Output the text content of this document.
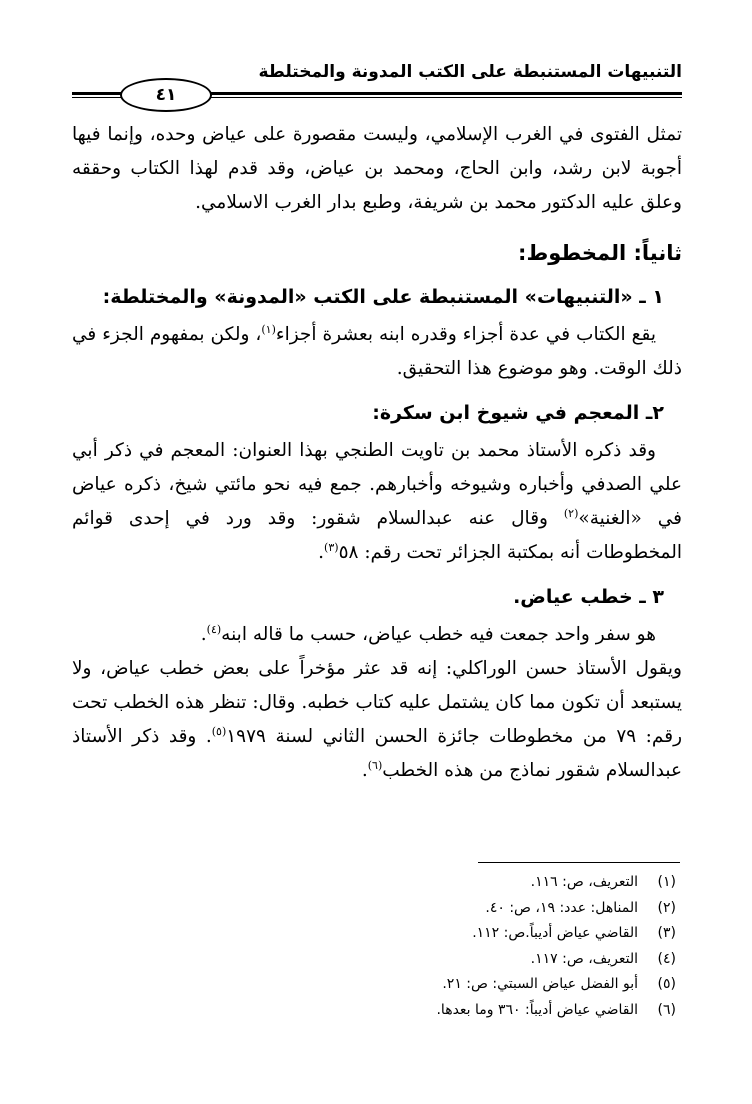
التنبيهات المستنبطة على الكتب المدونة والمختلطة
٤١

تمثل الفتوى في الغرب الإسلامي، وليست مقصورة على عياض وحده، وإنما فيها أجوبة لابن رشد، وابن الحاج، ومحمد بن عياض، وقد قدم لهذا الكتاب وحققه وعلق عليه الدكتور محمد بن شريفة، وطبع بدار الغرب الاسلامي.

ثانياً: المخطوط:
١ ـ «التنبيهات» المستنبطة على الكتب «المدونة» والمختلطة:

يقع الكتاب في عدة أجزاء وقدره ابنه بعشرة أجزاء$^{(١)}$، ولكن بمفهوم الجزء في ذلك الوقت. وهو موضوع هذا التحقيق.

٢ـ المعجم في شيوخ ابن سكرة:

وقد ذكره الأستاذ محمد بن تاويت الطنجي بهذا العنوان: المعجم في ذكر أبي علي الصدفي وأخباره وشيوخه وأخبارهم. جمع فيه نحو مائتي شيخ، ذكره عياض في «الغنية»$^{(٢)}$ وقال عنه عبدالسلام شقور: وقد ورد في إحدى قوائم المخطوطات أنه بمكتبة الجزائر تحت رقم: ٥٨$^{(٣)}$.

٣ ـ خطب عياض.

هو سفر واحد جمعت فيه خطب عياض، حسب ما قاله ابنه$^{(٤)}$.

ويقول الأستاذ حسن الوراكلي: إنه قد عثر مؤخراً على بعض خطب عياض، ولا يستبعد أن تكون مما كان يشتمل عليه كتاب خطبه. وقال: تنظر هذه الخطب تحت رقم: ٧٩ من مخطوطات جائزة الحسن الثاني لسنة ١٩٧٩$^{(٥)}$. وقد ذكر الأستاذ عبدالسلام شقور نماذج من هذه الخطب$^{(٦)}$.

(١)
التعريف، ص: ١١٦.
(٢)
المناهل: عدد: ١٩، ص: ٤٠.
(٣)
القاضي عياض أديباً.ص: ١١٢.
(٤)
التعريف، ص: ١١٧.
(٥)
أبو الفضل عياض السبتي: ص: ٢١.
(٦)
القاضي عياض أديباً: ٣٦٠ وما بعدها.
